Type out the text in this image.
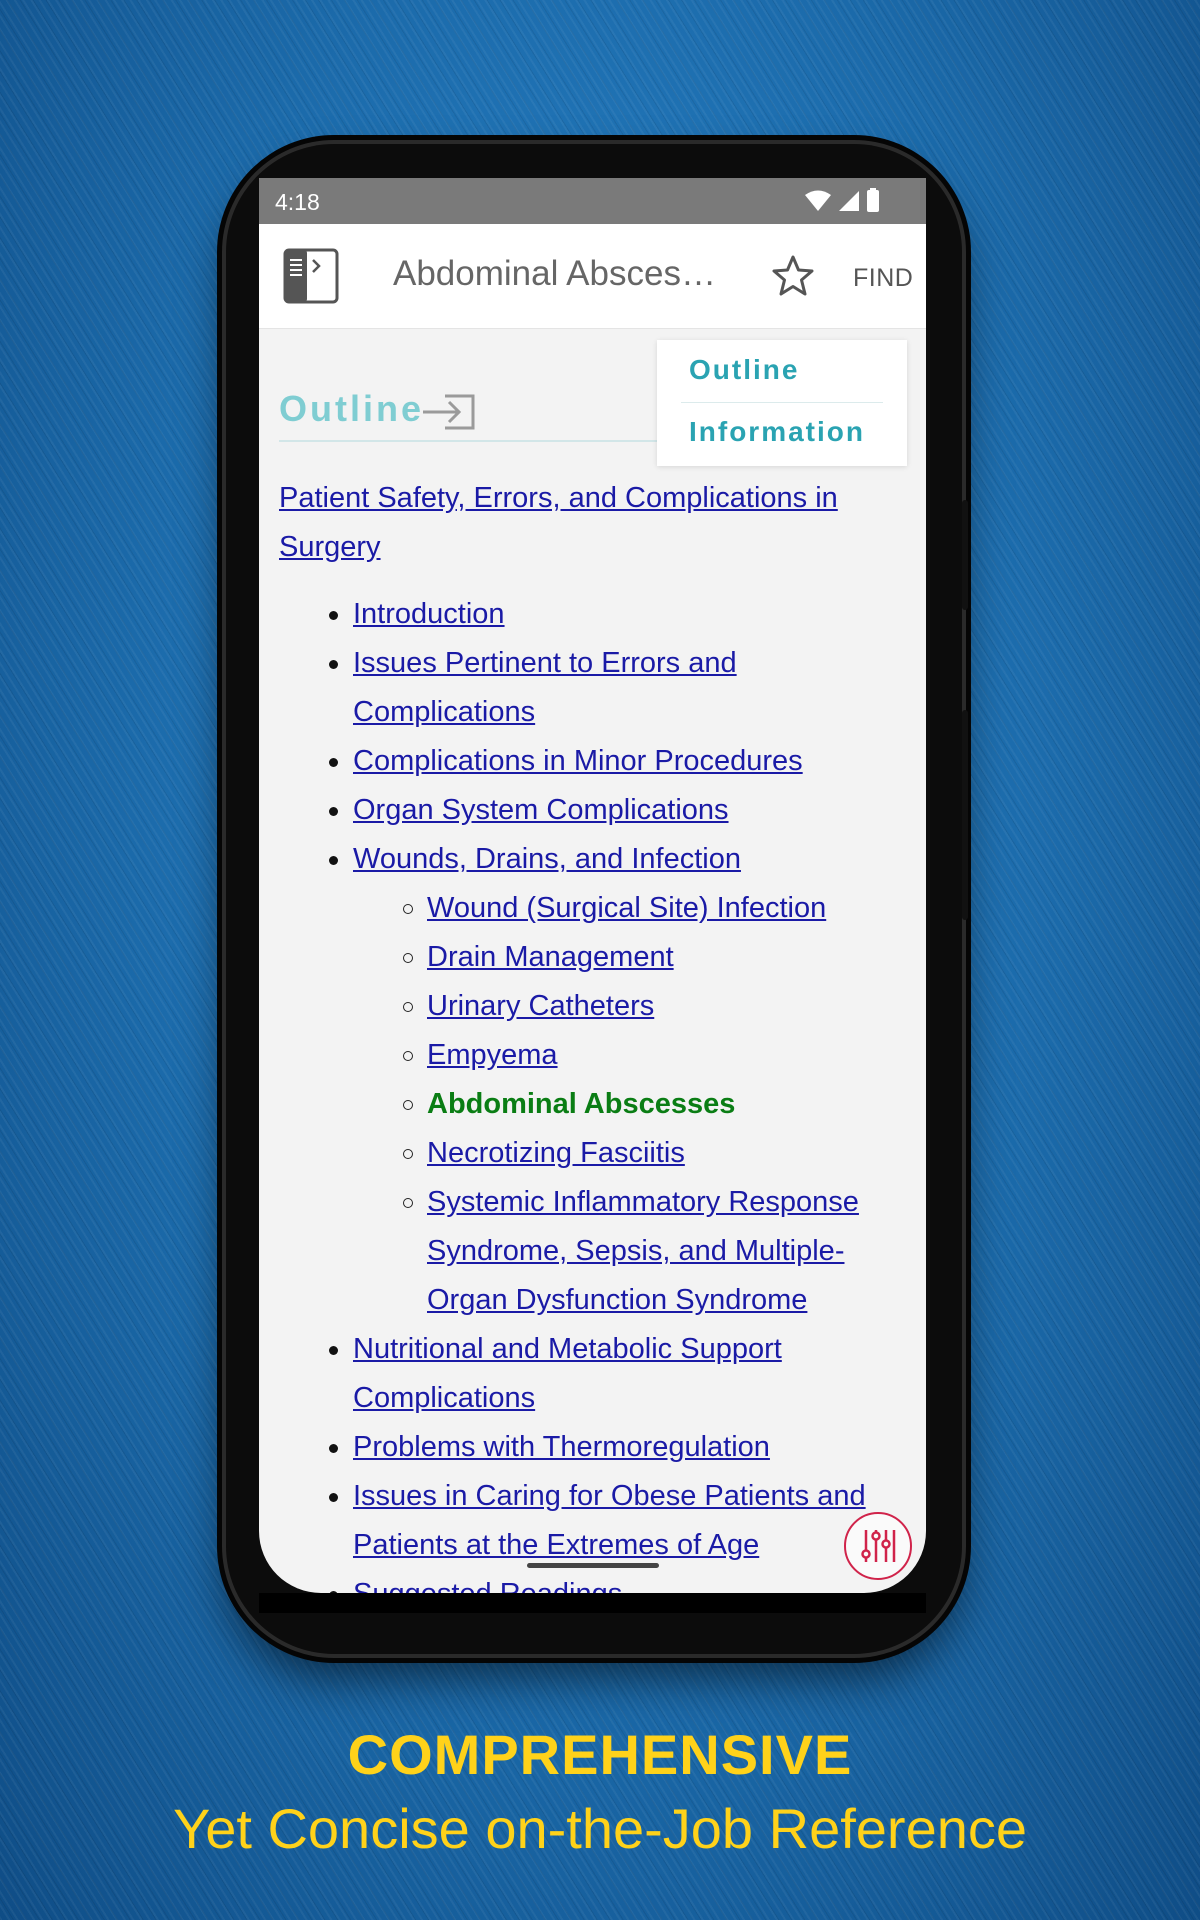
4:18
Abdominal Absces…	FIND
Outline
Outline
Information
Patient Safety, Errors, and Complications in Surgery
Introduction
Issues Pertinent to Errors and Complications
Complications in Minor Procedures
Organ System Complications
Wounds, Drains, and Infection
Wound (Surgical Site) Infection
Drain Management
Urinary Catheters
Empyema
Abdominal Abscesses
Necrotizing Fasciitis
Systemic Inflammatory Response Syndrome, Sepsis, and Multiple-Organ Dysfunction Syndrome
Nutritional and Metabolic Support Complications
Problems with Thermoregulation
Issues in Caring for Obese Patients and Patients at the Extremes of Age
COMPREHENSIVE
Yet Concise on-the-Job Reference
